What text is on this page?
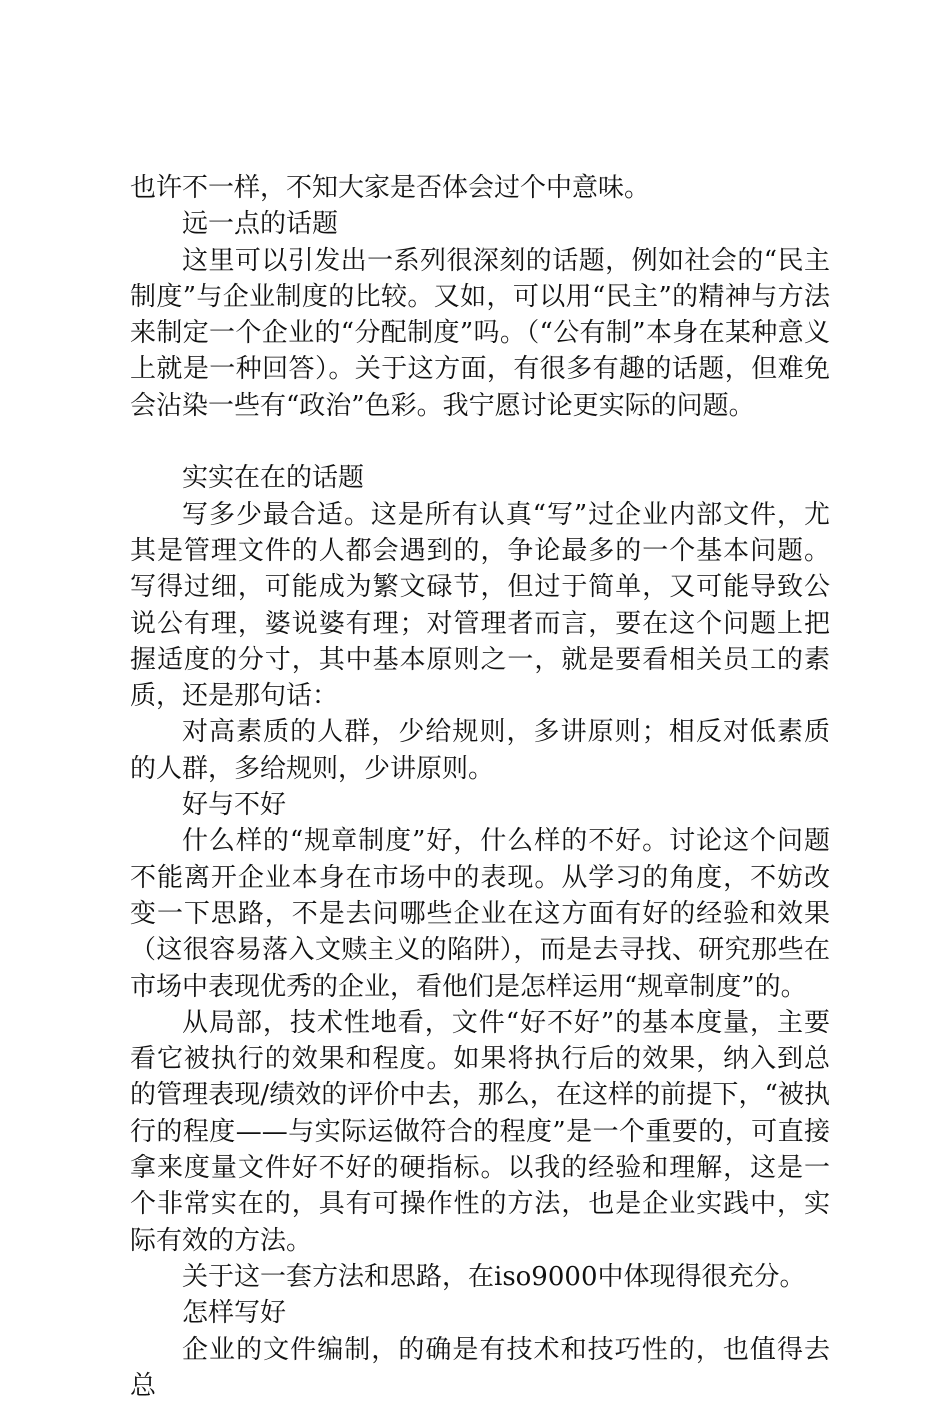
也许不一样，不知大家是否体会过个中意味。

远一点的话题

这里可以引发出一系列很深刻的话题，例如社会的“民主制度”与企业制度的比较。又如，可以用“民主”的精神与方法来制定一个企业的“分配制度”吗。（“公有制”本身在某种意义上就是一种回答）。关于这方面，有很多有趣的话题，但难免会沾染一些有“政治”色彩。我宁愿讨论更实际的问题。

实实在在的话题

写多少最合适。这是所有认真“写”过企业内部文件，尤其是管理文件的人都会遇到的，争论最多的一个基本问题。写得过细，可能成为繁文碌节，但过于简单，又可能导致公说公有理，婆说婆有理；对管理者而言，要在这个问题上把握适度的分寸，其中基本原则之一，就是要看相关员工的素质，还是那句话：

对高素质的人群，少给规则，多讲原则；相反对低素质的人群，多给规则，少讲原则。

好与不好

什么样的“规章制度”好，什么样的不好。讨论这个问题不能离开企业本身在市场中的表现。从学习的角度，不妨改变一下思路，不是去问哪些企业在这方面有好的经验和效果（这很容易落入文赎主义的陷阱），而是去寻找、研究那些在市场中表现优秀的企业，看他们是怎样运用“规章制度”的。

从局部，技术性地看，文件“好不好”的基本度量，主要看它被执行的效果和程度。如果将执行后的效果，纳入到总的管理表现/绩效的评价中去，那么，在这样的前提下，“被执行的程度——与实际运做符合的程度”是一个重要的，可直接拿来度量文件好不好的硬指标。以我的经验和理解，这是一个非常实在的，具有可操作性的方法，也是企业实践中，实际有效的方法。

关于这一套方法和思路，在iso9000中体现得很充分。

怎样写好

企业的文件编制，的确是有技术和技巧性的，也值得去总
